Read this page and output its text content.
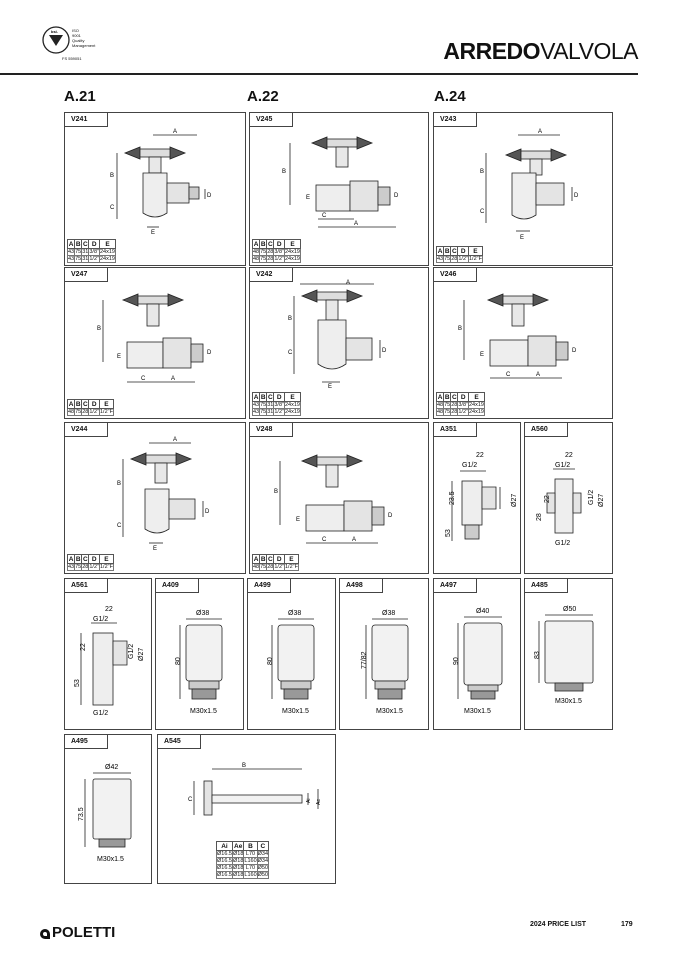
bsi.	ISO
9001
Quality
Management
FS 559051	ARREDOVALVOLA
A.21	A.22	A.24
V241
A
B
C
D
E
A	B	C	D	E
43	75	31	3/8"	24x19
43	75	31	1/2"	24x19
V245
B
E	D
C
A
A	B	C	D	E
48	75	28	3/8"	24x19
48	75	28	1/2"	24x19
V243
A
B
C
D
E
A	B	C	D	E
43	75	28	1/2"	1/2"F
V247
B
E
D
C	A
A	B	C	D	E
48	75	28	1/2"	1/2"F
V242
A
B
C	D
E
A	B	C	D	E
43	75	31	3/8"	24x19
43	75	31	1/2"	24x19
V246
B
E
D
C	A
A	B	C	D	E
48	75	28	3/8"	24x19
48	75	28	1/2"	24x19
V244
A
B
C
D
E
A	B	C	D	E
43	75	28	1/2"	1/2"F
V248
B
E
D
C	A
A	B	C	D	E
48	75	28	1/2"	1/2"F
A351
22
G1/2
23.5	Ø27
53
A560
22
G1/2
22
28
G1/2 Ø27
G1/2
A561
22
G1/2
22	G1/2 Ø27
53
G1/2
A409
Ø38
80
M30x1.5
A499
Ø38
80
M30x1.5
A498
Ø38
77/82
M30x1.5
A497
Ø40
90
M30x1.5
A485
Ø50
83
M30x1.5
A495
Ø42
73.5
M30x1.5
A545
B
C	Ai Ae
Ai	Ae	B	C
Ø16.5	Ø18	L70	Ø34
Ø16.5	Ø18	L160	Ø34
Ø16.5	Ø18	L70	Ø50
Ø16.5	Ø18	L160	Ø50
POLETTI	2024 PRICE LIST	179
